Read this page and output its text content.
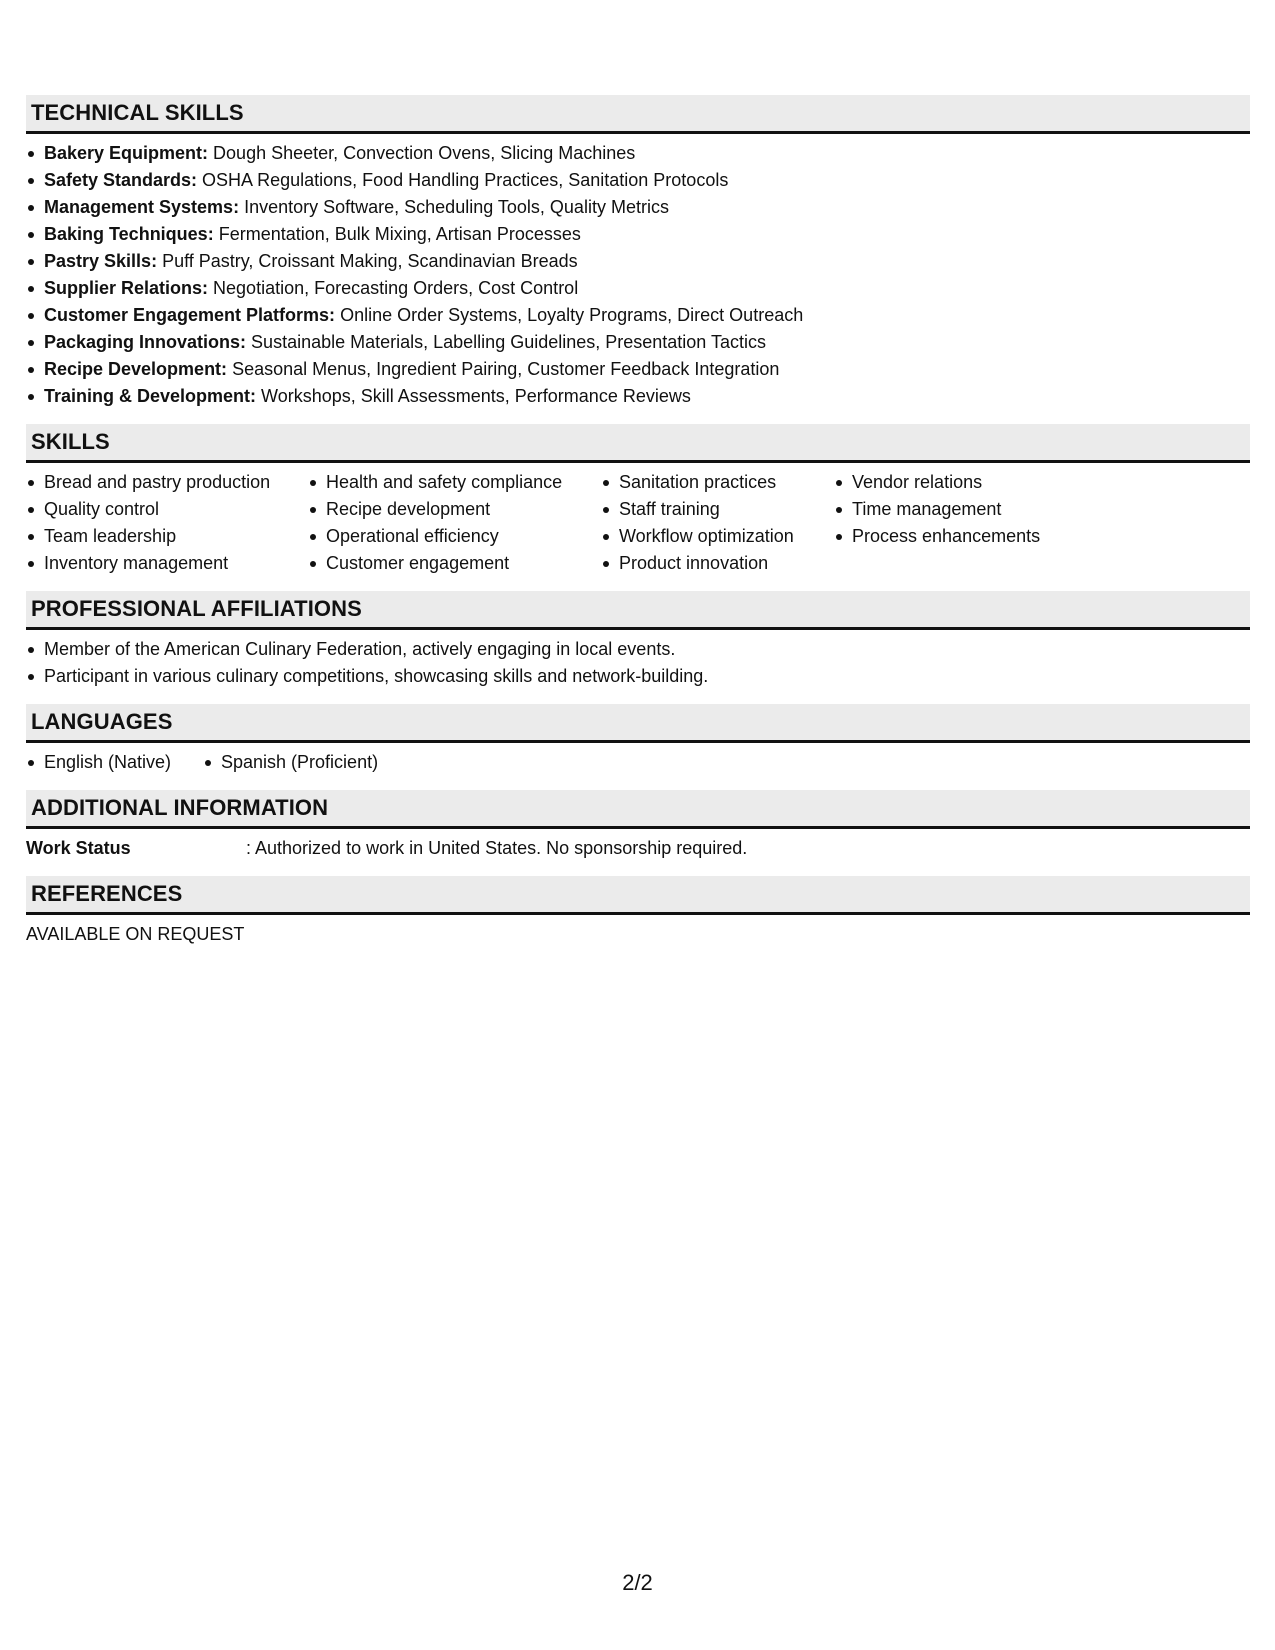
TECHNICAL SKILLS
Bakery Equipment: Dough Sheeter, Convection Ovens, Slicing Machines
Safety Standards: OSHA Regulations, Food Handling Practices, Sanitation Protocols
Management Systems: Inventory Software, Scheduling Tools, Quality Metrics
Baking Techniques: Fermentation, Bulk Mixing, Artisan Processes
Pastry Skills: Puff Pastry, Croissant Making, Scandinavian Breads
Supplier Relations: Negotiation, Forecasting Orders, Cost Control
Customer Engagement Platforms: Online Order Systems, Loyalty Programs, Direct Outreach
Packaging Innovations: Sustainable Materials, Labelling Guidelines, Presentation Tactics
Recipe Development: Seasonal Menus, Ingredient Pairing, Customer Feedback Integration
Training & Development: Workshops, Skill Assessments, Performance Reviews
SKILLS
Bread and pastry production
Quality control
Team leadership
Inventory management
Health and safety compliance
Recipe development
Operational efficiency
Customer engagement
Sanitation practices
Staff training
Workflow optimization
Product innovation
Vendor relations
Time management
Process enhancements
PROFESSIONAL AFFILIATIONS
Member of the American Culinary Federation, actively engaging in local events.
Participant in various culinary competitions, showcasing skills and network-building.
LANGUAGES
English (Native)	Spanish (Proficient)
ADDITIONAL INFORMATION
Work Status	: Authorized to work in United States. No sponsorship required.
REFERENCES
AVAILABLE ON REQUEST
2/2
